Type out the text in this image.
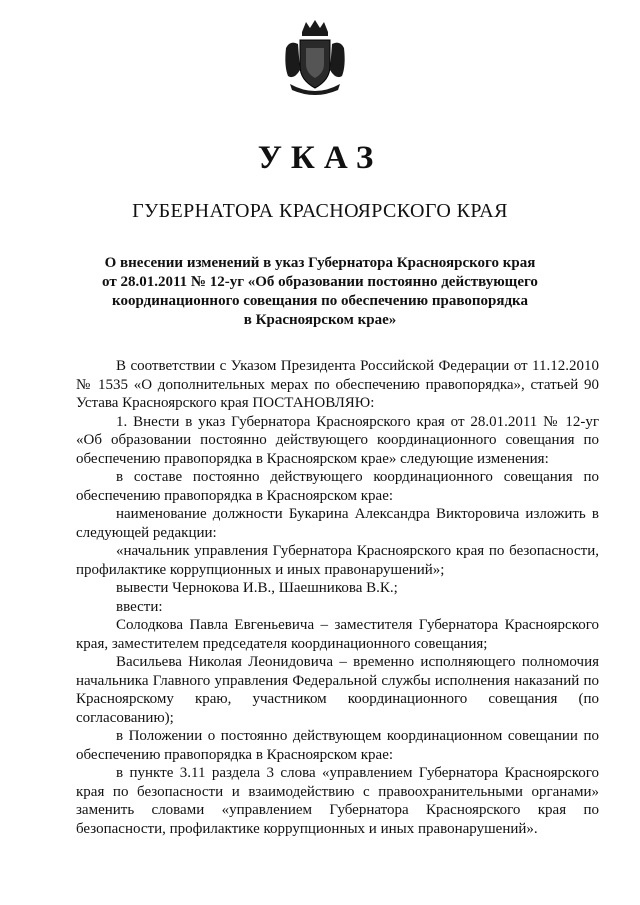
УКАЗ
ГУБЕРНАТОРА КРАСНОЯРСКОГО КРАЯ
О внесении изменений в указ Губернатора Красноярского края
от 28.01.2011 № 12-уг «Об образовании постоянно действующего
координационного совещания по обеспечению правопорядка
в Красноярском крае»

В соответствии с Указом Президента Российской Федерации от 11.12.2010 № 1535 «О дополнительных мерах по обеспечению правопорядка», статьей 90 Устава Красноярского края ПОСТАНОВЛЯЮ:

1. Внести в указ Губернатора Красноярского края от 28.01.2011 № 12-уг «Об образовании постоянно действующего координационного совещания по обеспечению правопорядка в Красноярском крае» следующие изменения:

в составе постоянно действующего координационного совещания по обеспечению правопорядка в Красноярском крае:

наименование должности Букарина Александра Викторовича изложить в следующей редакции:

«начальник управления Губернатора Красноярского края по безопасности, профилактике коррупционных и иных правонарушений»;

вывести Чернокова И.В., Шаешникова В.К.;

ввести:

Солодкова Павла Евгеньевича – заместителя Губернатора Красноярского края, заместителем председателя координационного совещания;

Васильева Николая Леонидовича – временно исполняющего полномочия начальника Главного управления Федеральной службы исполнения наказаний по Красноярскому краю, участником координационного совещания (по согласованию);

в Положении о постоянно действующем координационном совещании по обеспечению правопорядка в Красноярском крае:

в пункте 3.11 раздела 3 слова «управлением Губернатора Красноярского края по безопасности и взаимодействию с правоохранительными органами» заменить словами «управлением Губернатора Красноярского края по безопасности, профилактике коррупционных и иных правонарушений».
